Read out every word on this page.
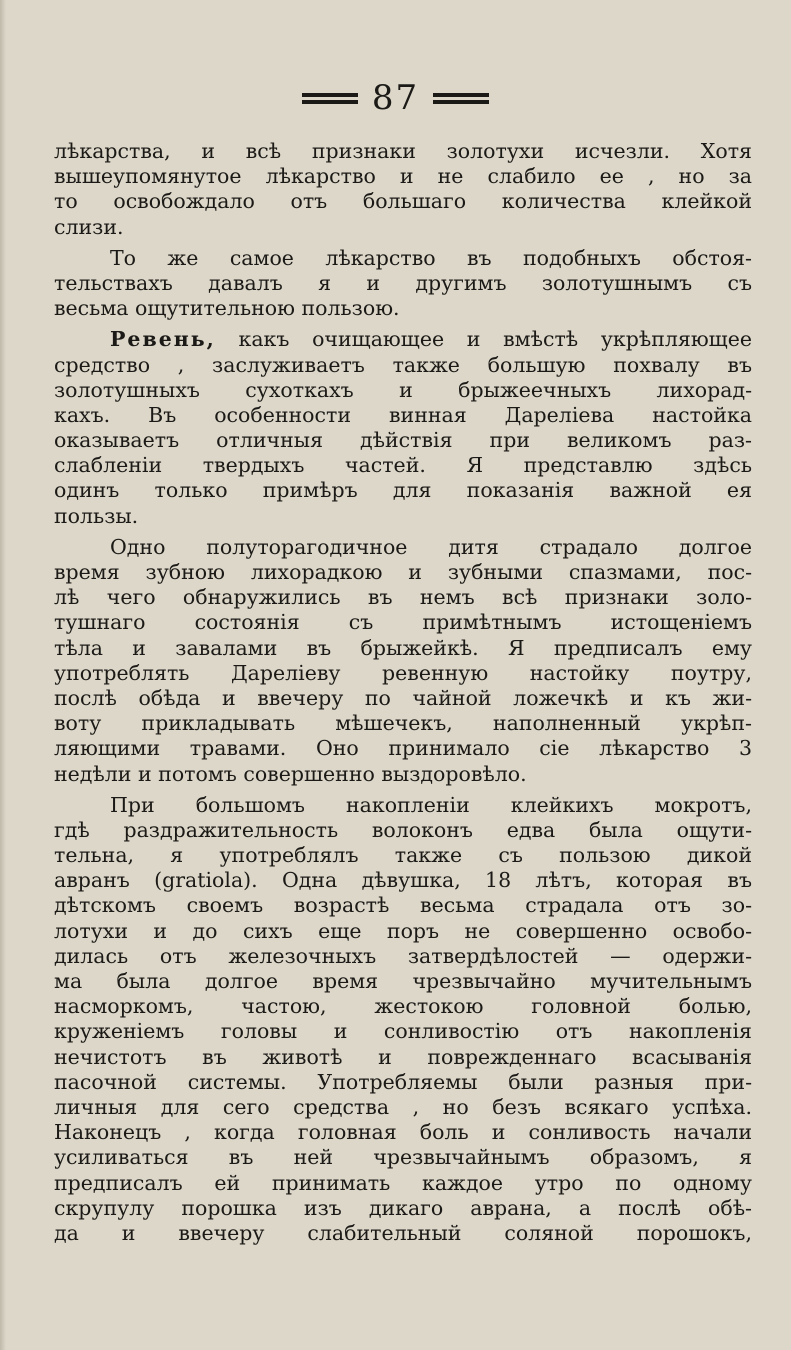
87
лѣкарства, и всѣ признаки золотухи исчезли. Хотя
вышеупомянутое лѣкарство и не слабило ее , но за
то освобождало отъ большаго количества клейкой
слизи.
То же самое лѣкарство въ подобныхъ обстоя-
тельствахъ давалъ я и другимъ золотушнымъ съ
весьма ощутительною пользою.
Ревень, какъ очищающее и вмѣстѣ укрѣпляющее
средство , заслуживаетъ также большую похвалу въ
золотушныхъ сухоткахъ и брыжеечныхъ лихорад-
кахъ. Въ особенности винная Дареліева настойка
оказываетъ отличныя дѣйствія при великомъ раз-
слабленіи твердыхъ частей. Я представлю здѣсь
одинъ только примѣръ для показанія важной ея
пользы.
Одно полуторагодичное дитя страдало долгое
время зубною лихорадкою и зубными спазмами, пос-
лѣ чего обнаружились въ немъ всѣ признаки золо-
тушнаго состоянія съ примѣтнымъ истощеніемъ
тѣла и завалами въ брыжейкѣ. Я предписалъ ему
употреблять Дареліеву ревенную настойку поутру,
послѣ обѣда и ввечеру по чайной ложечкѣ и къ жи-
воту прикладывать мѣшечекъ, наполненный укрѣп-
ляющими травами. Оно принимало сіе лѣкарство 3
недѣли и потомъ совершенно выздоровѣло.
При большомъ накопленіи клейкихъ мокротъ,
гдѣ раздражительность волоконъ едва была ощути-
тельна, я употреблялъ также съ пользою дикой
авранъ (gratiola). Одна дѣвушка, 18 лѣтъ, которая въ
дѣтскомъ своемъ возрастѣ весьма страдала отъ зо-
лотухи и до сихъ еще поръ не совершенно освобо-
дилась отъ железочныхъ затвердѣлостей — одержи-
ма была долгое время чрезвычайно мучительнымъ
насморкомъ, частою, жестокою головной болью,
круженіемъ головы и сонливостію отъ накопленія
нечистотъ въ животѣ и поврежденнаго всасыванія
пасочной системы. Употребляемы были разныя при-
личныя для сего средства , но безъ всякаго успѣха.
Наконецъ , когда головная боль и сонливость начали
усиливаться въ ней чрезвычайнымъ образомъ, я
предписалъ ей принимать каждое утро по одному
скрупулу порошка изъ дикаго аврана, а послѣ обѣ-
да и ввечеру слабительный соляной порошокъ,
